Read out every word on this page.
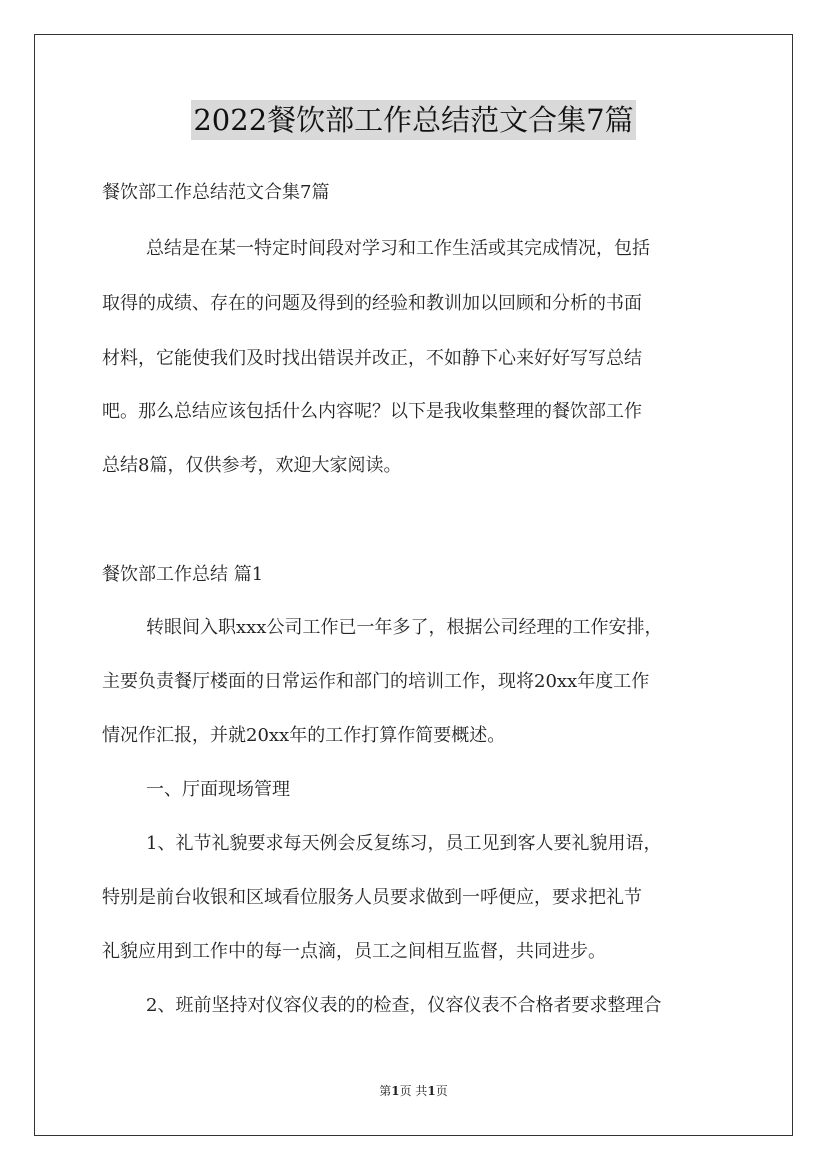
2022餐饮部工作总结范文合集7篇
餐饮部工作总结范文合集7篇
总结是在某一特定时间段对学习和工作生活或其完成情况，包括
取得的成绩、存在的问题及得到的经验和教训加以回顾和分析的书面
材料，它能使我们及时找出错误并改正，不如静下心来好好写写总结
吧。那么总结应该包括什么内容呢？以下是我收集整理的餐饮部工作
总结8篇，仅供参考，欢迎大家阅读。
餐饮部工作总结 篇1
转眼间入职xxx公司工作已一年多了，根据公司经理的工作安排，
主要负责餐厅楼面的日常运作和部门的培训工作，现将20xx年度工作
情况作汇报，并就20xx年的工作打算作简要概述。
一、厅面现场管理
1、礼节礼貌要求每天例会反复练习，员工见到客人要礼貌用语，
特别是前台收银和区域看位服务人员要求做到一呼便应，要求把礼节
礼貌应用到工作中的每一点滴，员工之间相互监督，共同进步。
2、班前坚持对仪容仪表的的检查，仪容仪表不合格者要求整理合
第1页 共1页
